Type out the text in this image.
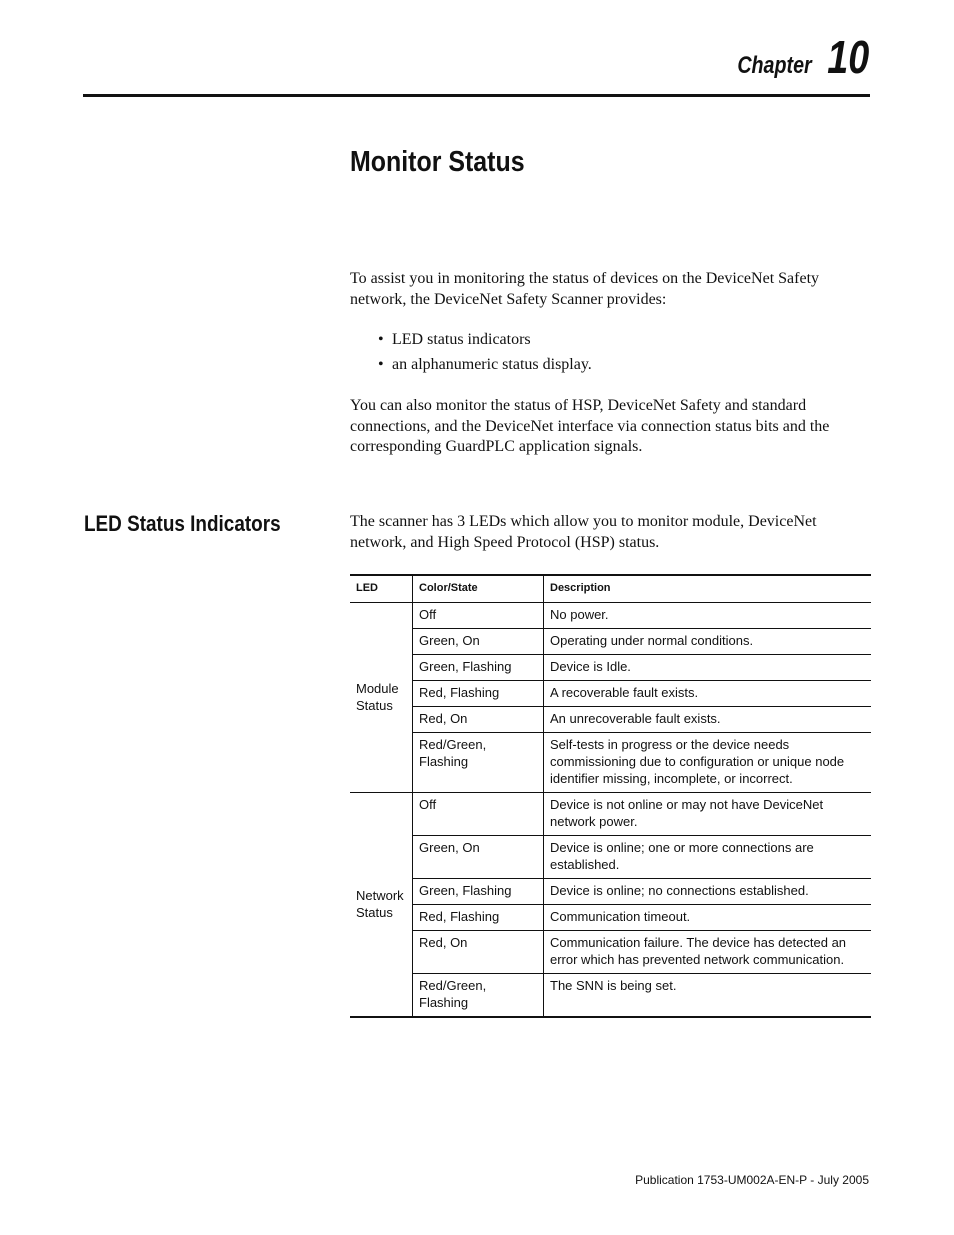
Chapter 10
Monitor Status

To assist you in monitoring the status of devices on the DeviceNet Safety network, the DeviceNet Safety Scanner provides:

• LED status indicators
• an alphanumeric status display.

You can also monitor the status of HSP, DeviceNet Safety and standard connections, and the DeviceNet interface via connection status bits and the corresponding GuardPLC application signals.

LED Status Indicators	The scanner has 3 LEDs which allow you to monitor module, DeviceNet network, and High Speed Protocol (HSP) status.

LED	Color/State	Description
Module Status	Off	No power.
	Green, On	Operating under normal conditions.
	Green, Flashing	Device is Idle.
	Red, Flashing	A recoverable fault exists.
	Red, On	An unrecoverable fault exists.
	Red/Green, Flashing	Self-tests in progress or the device needs commissioning due to configuration or unique node identifier missing, incomplete, or incorrect.
Network Status	Off	Device is not online or may not have DeviceNet network power.
	Green, On	Device is online; one or more connections are established.
	Green, Flashing	Device is online; no connections established.
	Red, Flashing	Communication timeout.
	Red, On	Communication failure. The device has detected an error which has prevented network communication.
	Red/Green, Flashing	The SNN is being set.
Publication 1753-UM002A-EN-P - July 2005
